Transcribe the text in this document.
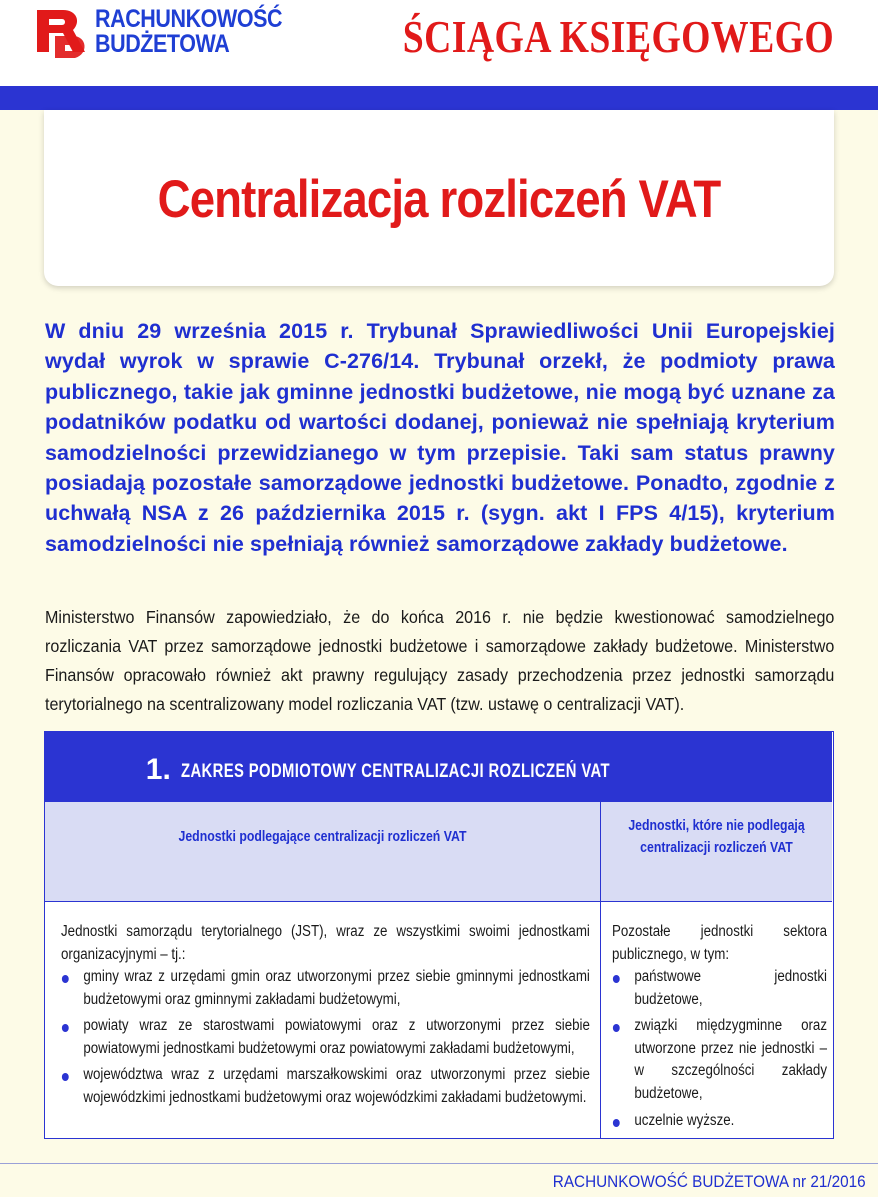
RACHUNKOWOŚĆ
BUDŻETOWA	ŚCIĄGA KSIĘGOWEGO
Centralizacja rozliczeń VAT

W dniu 29 września 2015 r. Trybunał Sprawiedliwości Unii Europejskiej wydał wyrok w sprawie C-276/14. Trybunał orzekł, że podmioty prawa publicznego, takie jak gminne jednostki budżetowe, nie mogą być uznane za podatników podatku od wartości dodanej, ponieważ nie spełniają kryterium samodzielności przewidzianego w tym przepisie. Taki sam status prawny posiadają pozostałe samorządowe jednostki budżetowe. Ponadto, zgodnie z uchwałą NSA z 26 października 2015 r. (sygn. akt I FPS 4/15), kryterium samodzielności nie spełniają również samorządowe zakłady budżetowe.

Ministerstwo Finansów zapowiedziało, że do końca 2016 r. nie będzie kwestionować samodzielnego rozliczania VAT przez samorządowe jednostki budżetowe i samorządowe zakłady budżetowe. Ministerstwo Finansów opracowało również akt prawny regulujący zasady przechodzenia przez jednostki samorządu terytorialnego na scentralizowany model rozliczania VAT (tzw. ustawę o centralizacji VAT).

1. ZAKRES PODMIOTOWY CENTRALIZACJI ROZLICZEŃ VAT
Jednostki podlegające centralizacji rozliczeń VAT
Jednostki, które nie podlegają centralizacji rozliczeń VAT
Jednostki samorządu terytorialnego (JST), wraz ze wszystkimi swoimi jednostkami organizacyjnymi – tj.:
gminy wraz z urzędami gmin oraz utworzonymi przez siebie gminnymi jednostkami budżetowymi oraz gminnymi zakładami budżetowymi,
powiaty wraz ze starostwami powiatowymi oraz z utworzonymi przez siebie powiatowymi jednostkami budżetowymi oraz powiatowymi zakładami budżetowymi,
województwa wraz z urzędami marszałkowskimi oraz utworzonymi przez siebie wojewódzkimi jednostkami budżetowymi oraz wojewódzkimi zakładami budżetowymi.
Pozostałe jednostki sektora publicznego, w tym:
państwowe jednostki budżetowe,
związki międzygminne oraz utworzone przez nie jednostki – w szczególności zakłady budżetowe,
uczelnie wyższe.
RACHUNKOWOŚĆ BUDŻETOWA nr 21/2016
